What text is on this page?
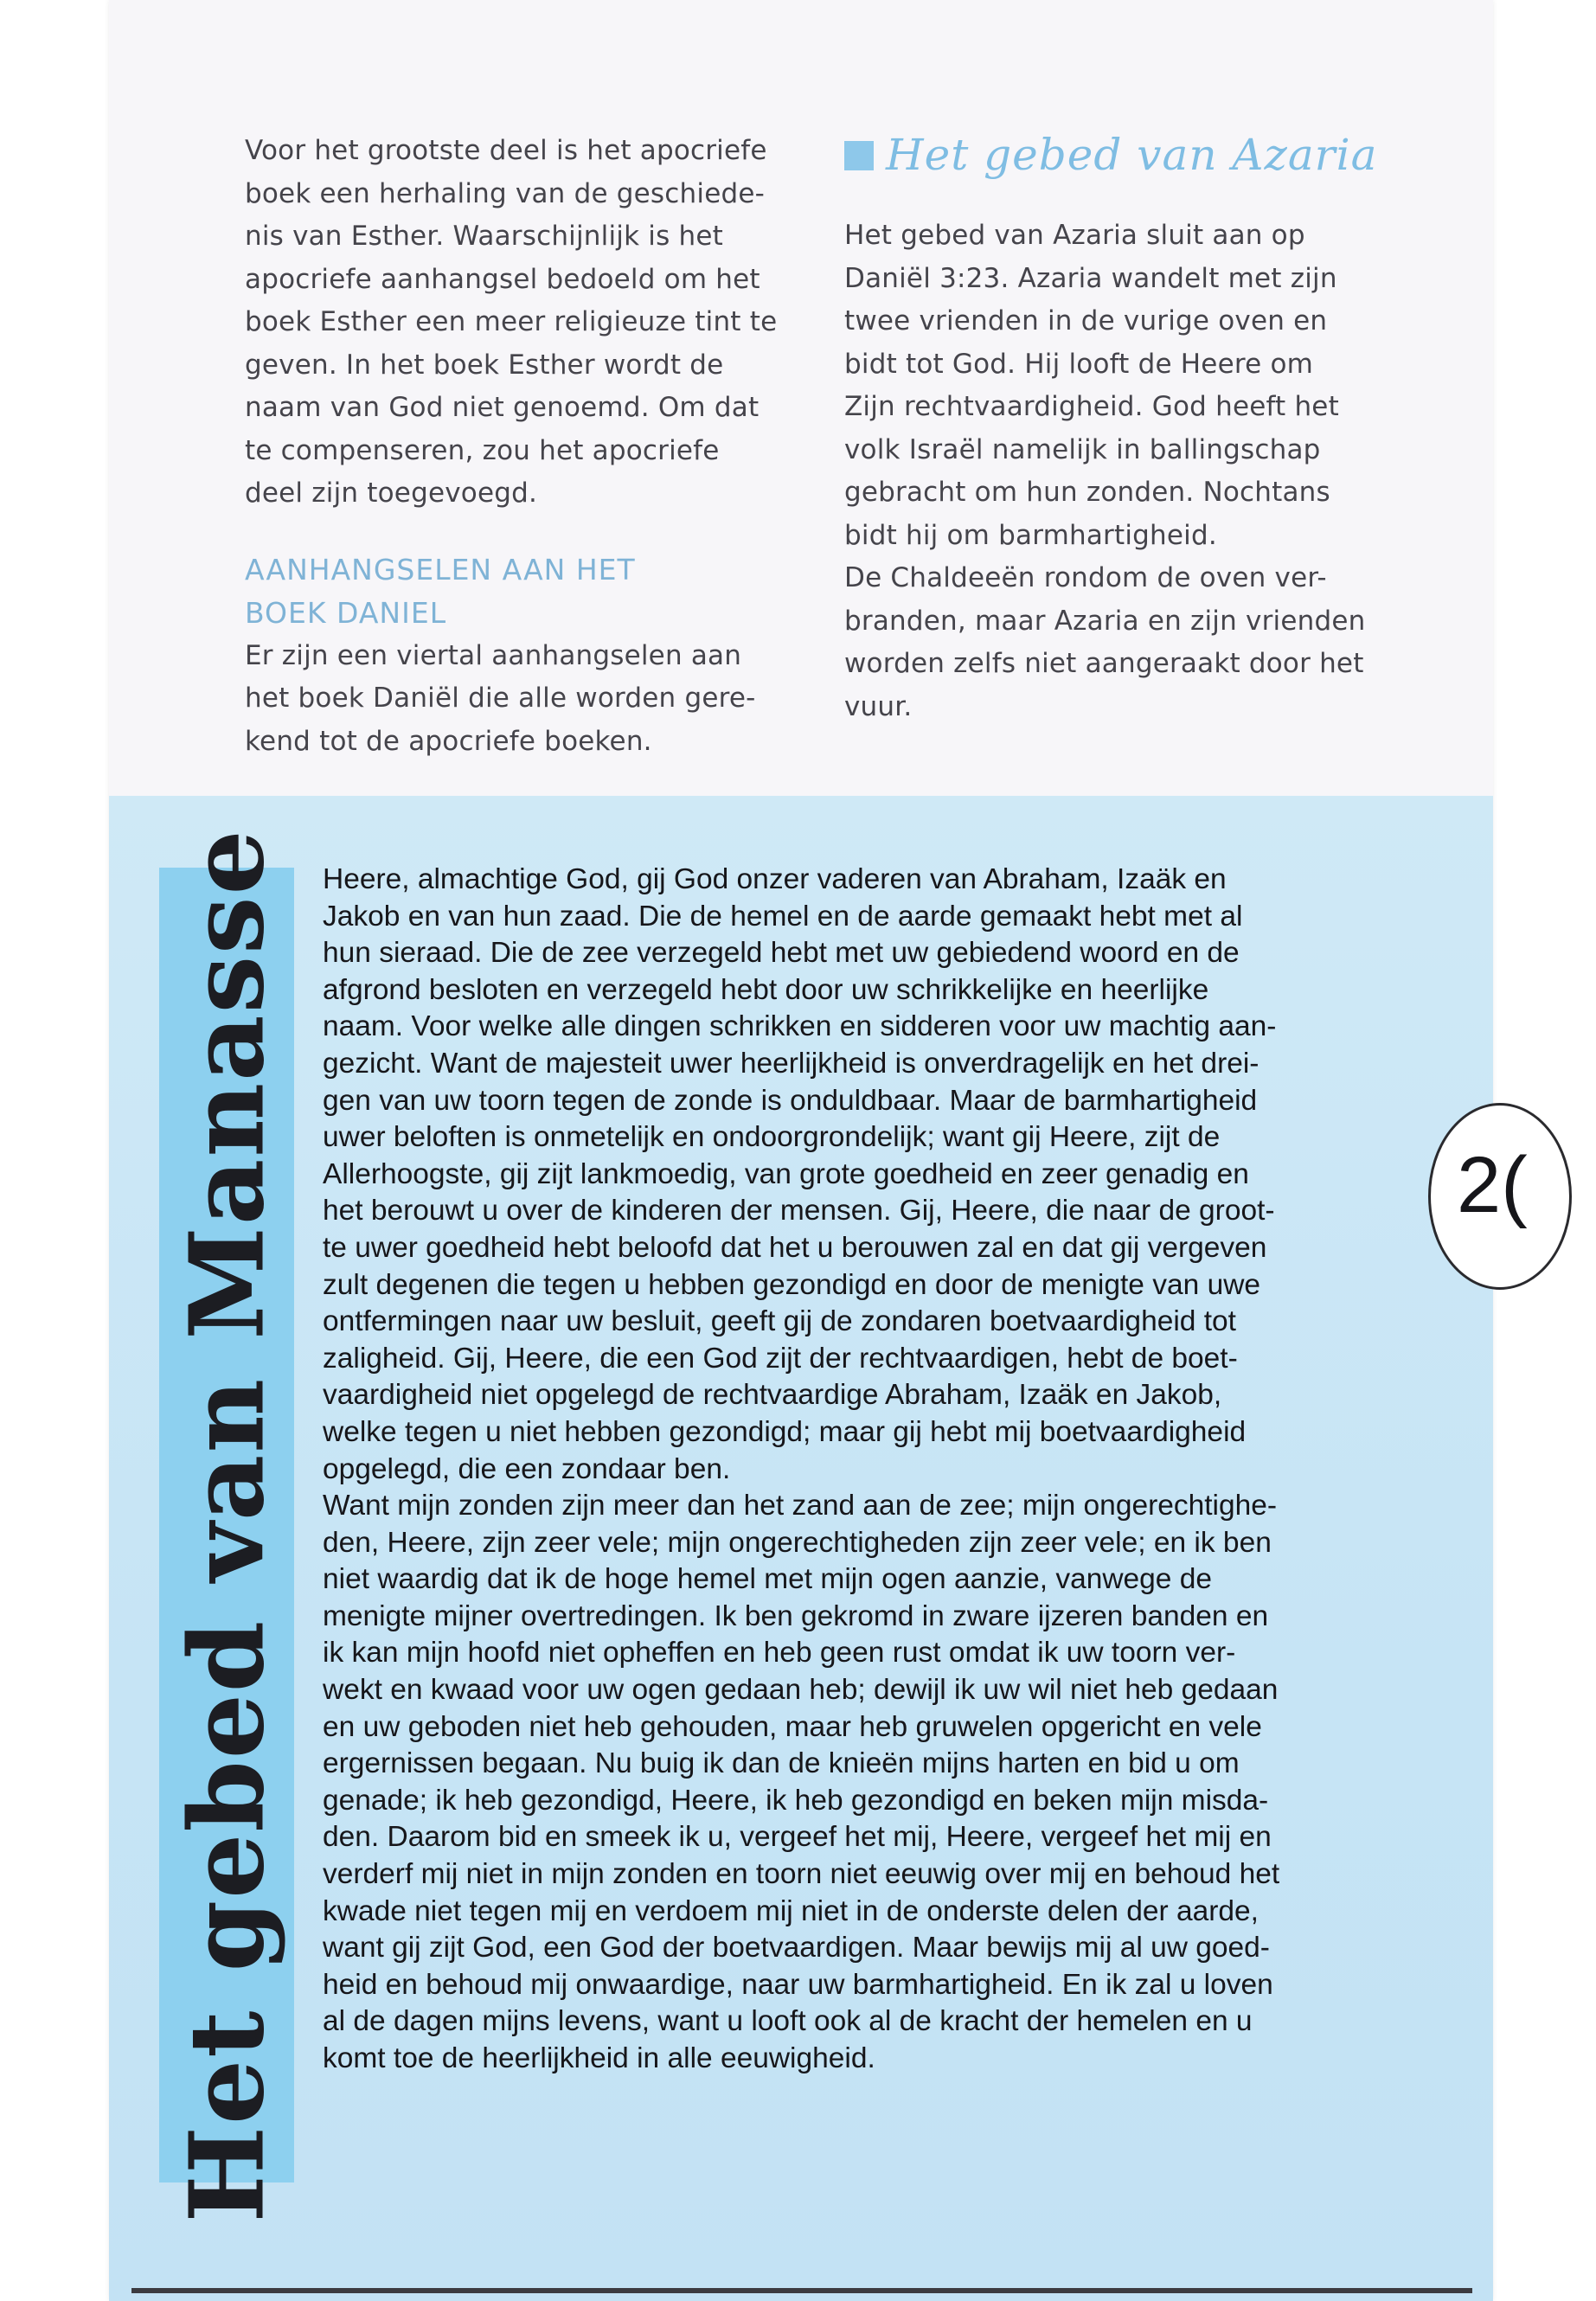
Voor het grootste deel is het apocriefe
boek een herhaling van de geschiede-
nis van Esther. Waarschijnlijk is het
apocriefe aanhangsel bedoeld om het
boek Esther een meer religieuze tint te
geven. In het boek Esther wordt de
naam van God niet genoemd. Om dat
te compenseren, zou het apocriefe
deel zijn toegevoegd.

AANHANGSELEN AAN HET
BOEK DANIEL

Er zijn een viertal aanhangselen aan
het boek Daniël die alle worden gere-
kend tot de apocriefe boeken.

Het gebed van Azaria

Het gebed van Azaria sluit aan op
Daniël 3:23. Azaria wandelt met zijn
twee vrienden in de vurige oven en
bidt tot God. Hij looft de Heere om
Zijn rechtvaardigheid. God heeft het
volk Israël namelijk in ballingschap
gebracht om hun zonden. Nochtans
bidt hij om barmhartigheid.
De Chaldeeën rondom de oven ver-
branden, maar Azaria en zijn vrienden
worden zelfs niet aangeraakt door het
vuur.

Het gebed van Manasse Heere, almachtige God, gij God onzer vaderen van Abraham, Izaäk en
Jakob en van hun zaad. Die de hemel en de aarde gemaakt hebt met al
hun sieraad. Die de zee verzegeld hebt met uw gebiedend woord en de
afgrond besloten en verzegeld hebt door uw schrikkelijke en heerlijke
naam. Voor welke alle dingen schrikken en sidderen voor uw machtig aan-
gezicht. Want de majesteit uwer heerlijkheid is onverdragelijk en het drei-
gen van uw toorn tegen de zonde is onduldbaar. Maar de barmhartigheid
uwer beloften is onmetelijk en ondoorgrondelijk; want gij Heere, zijt de
Allerhoogste, gij zijt lankmoedig, van grote goedheid en zeer genadig en
het berouwt u over de kinderen der mensen. Gij, Heere, die naar de groot-
te uwer goedheid hebt beloofd dat het u berouwen zal en dat gij vergeven
zult degenen die tegen u hebben gezondigd en door de menigte van uwe
ontfermingen naar uw besluit, geeft gij de zondaren boetvaardigheid tot
zaligheid. Gij, Heere, die een God zijt der rechtvaardigen, hebt de boet-
vaardigheid niet opgelegd de rechtvaardige Abraham, Izaäk en Jakob,
welke tegen u niet hebben gezondigd; maar gij hebt mij boetvaardigheid
opgelegd, die een zondaar ben.

Want mijn zonden zijn meer dan het zand aan de zee; mijn ongerechtighe-
den, Heere, zijn zeer vele; mijn ongerechtigheden zijn zeer vele; en ik ben
niet waardig dat ik de hoge hemel met mijn ogen aanzie, vanwege de
menigte mijner overtredingen. Ik ben gekromd in zware ijzeren banden en
ik kan mijn hoofd niet opheffen en heb geen rust omdat ik uw toorn ver-
wekt en kwaad voor uw ogen gedaan heb; dewijl ik uw wil niet heb gedaan
en uw geboden niet heb gehouden, maar heb gruwelen opgericht en vele
ergernissen begaan. Nu buig ik dan de knieën mijns harten en bid u om
genade; ik heb gezondigd, Heere, ik heb gezondigd en beken mijn misda-
den. Daarom bid en smeek ik u, vergeef het mij, Heere, vergeef het mij en
verderf mij niet in mijn zonden en toorn niet eeuwig over mij en behoud het
kwade niet tegen mij en verdoem mij niet in de onderste delen der aarde,
want gij zijt God, een God der boetvaardigen. Maar bewijs mij al uw goed-
heid en behoud mij onwaardige, naar uw barmhartigheid. En ik zal u loven
al de dagen mijns levens, want u looft ook al de kracht der hemelen en u
komt toe de heerlijkheid in alle eeuwigheid.

2(
